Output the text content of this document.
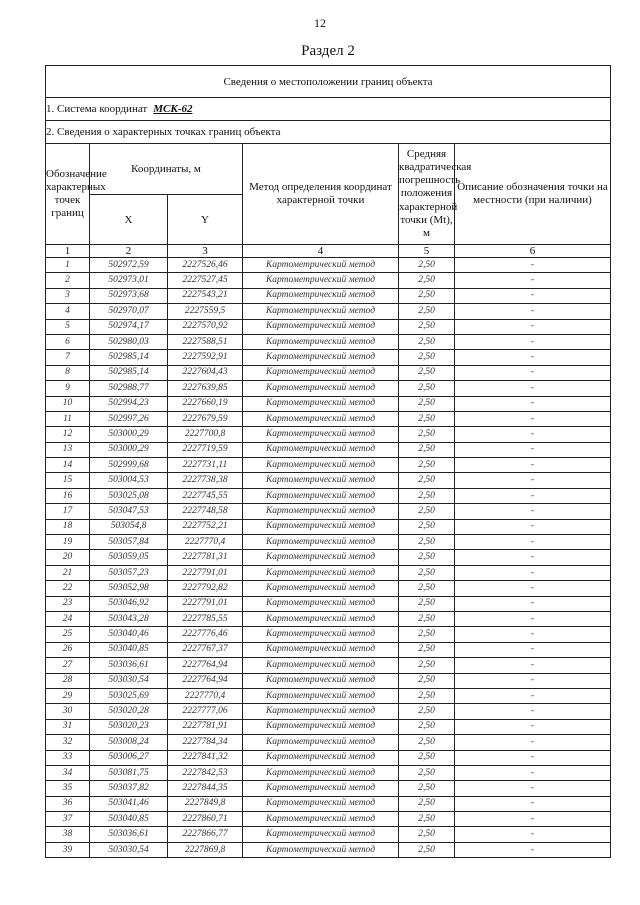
12
Раздел 2
Сведения о местоположении границ объекта					
1. Система координат МСК-62					
2. Сведения о характерных точках границ объекта					
Обозначение характерных точек границ	Координаты, м		Метод определения координат характерной точки	Средняя квадратическая погрешность положения характерной точки (Mt), м	Описание обозначения точки на местности (при наличии)
	X	Y			
1	2	3	4	5	6
1	502972,59	2227526,46	Картометрический метод	2,50	-
2	502973,01	2227527,45	Картометрический метод	2,50	-
3	502973,68	2227543,21	Картометрический метод	2,50	-
4	502970,07	2227559,5	Картометрический метод	2,50	-
5	502974,17	2227570,92	Картометрический метод	2,50	-
6	502980,03	2227588,51	Картометрический метод	2,50	-
7	502985,14	2227592,91	Картометрический метод	2,50	-
8	502985,14	2227604,43	Картометрический метод	2,50	-
9	502988,77	2227639,85	Картометрический метод	2,50	-
10	502994,23	2227660,19	Картометрический метод	2,50	-
11	502997,26	2227679,59	Картометрический метод	2,50	-
12	503000,29	2227700,8	Картометрический метод	2,50	-
13	503000,29	2227719,59	Картометрический метод	2,50	-
14	502999,68	2227731,11	Картометрический метод	2,50	-
15	503004,53	2227738,38	Картометрический метод	2,50	-
16	503025,08	2227745,55	Картометрический метод	2,50	-
17	503047,53	2227748,58	Картометрический метод	2,50	-
18	503054,8	2227752,21	Картометрический метод	2,50	-
19	503057,84	2227770,4	Картометрический метод	2,50	-
20	503059,05	2227781,31	Картометрический метод	2,50	-
21	503057,23	2227791,01	Картометрический метод	2,50	-
22	503052,98	2227792,82	Картометрический метод	2,50	-
23	503046,92	2227791,01	Картометрический метод	2,50	-
24	503043,28	2227785,55	Картометрический метод	2,50	-
25	503040,46	2227776,46	Картометрический метод	2,50	-
26	503040,85	2227767,37	Картометрический метод	2,50	-
27	503036,61	2227764,94	Картометрический метод	2,50	-
28	503030,54	2227764,94	Картометрический метод	2,50	-
29	503025,69	2227770,4	Картометрический метод	2,50	-
30	503020,28	2227777,06	Картометрический метод	2,50	-
31	503020,23	2227781,91	Картометрический метод	2,50	-
32	503008,24	2227784,34	Картометрический метод	2,50	-
33	503006,27	2227841,32	Картометрический метод	2,50	-
34	503081,75	2227842,53	Картометрический метод	2,50	-
35	503037,82	2227844,35	Картометрический метод	2,50	-
36	503041,46	2227849,8	Картометрический метод	2,50	-
37	503040,85	2227860,71	Картометрический метод	2,50	-
38	503036,61	2227866,77	Картометрический метод	2,50	-
39	503030,54	2227869,8	Картометрический метод	2,50	-
